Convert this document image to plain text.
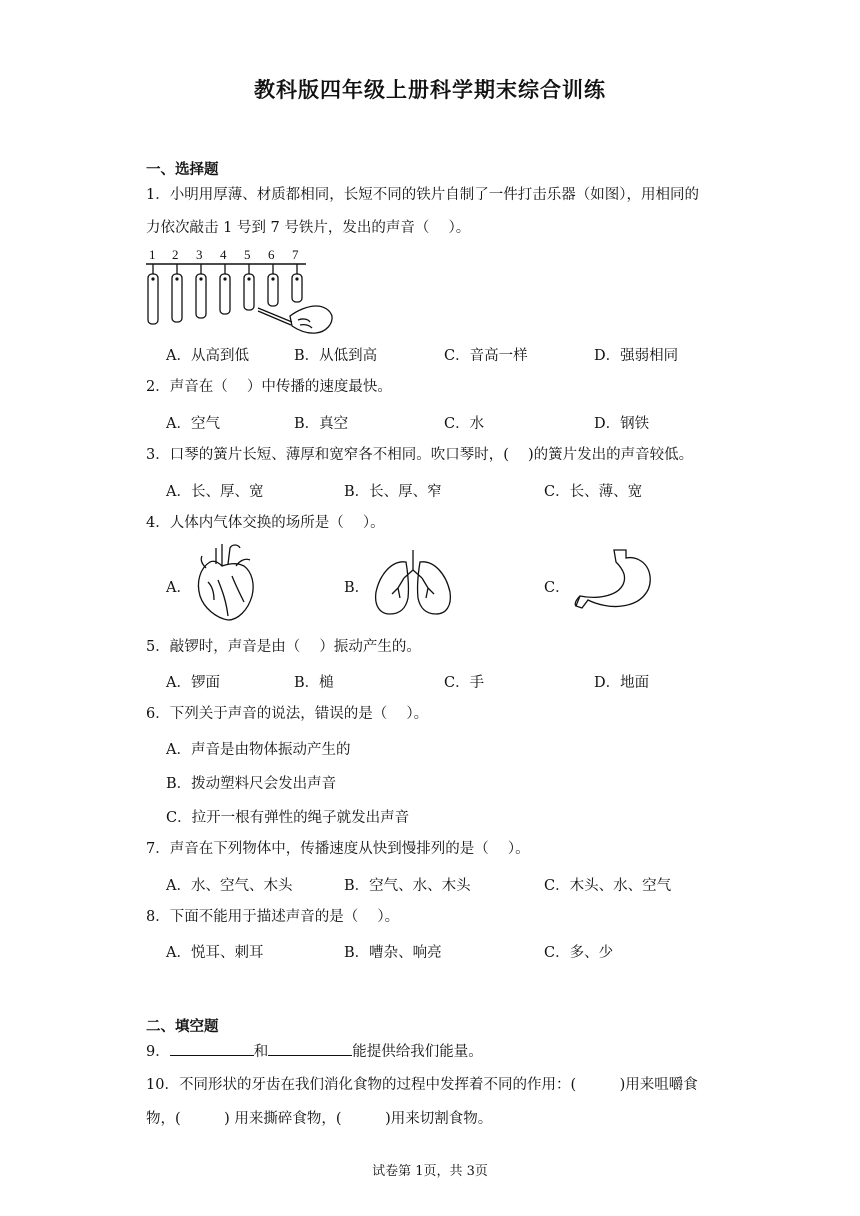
教科版四年级上册科学期末综合训练
一、选择题
1．小明用厚薄、材质都相同，长短不同的铁片自制了一件打击乐器（如图），用相同的
力依次敲击 1 号到 7 号铁片，发出的声音（　 ）。
1 2 3 4 5 6 7
A．从高到低	B．从低到高	C．音高一样	D．强弱相同
2．声音在（　 ）中传播的速度最快。
A．空气	B．真空	C．水	D．钢铁
3．口琴的簧片长短、薄厚和宽窄各不相同。吹口琴时，(　 )的簧片发出的声音较低。
A．长、厚、宽	B．长、厚、窄	C．长、薄、宽
4．人体内气体交换的场所是（　 ）。
A．	B．	C．
5．敲锣时，声音是由（　 ）振动产生的。
A．锣面	B．槌	C．手	D．地面
6．下列关于声音的说法，错误的是（　 ）。
A．声音是由物体振动产生的
B．拨动塑料尺会发出声音
C．拉开一根有弹性的绳子就发出声音
7．声音在下列物体中，传播速度从快到慢排列的是（　 ）。
A．水、空气、木头	B．空气、水、木头	C．木头、水、空气
8．下面不能用于描述声音的是（　 ）。
A．悦耳、刺耳	B．嘈杂、响亮	C．多、少
二、填空题
9．	和	能提供给我们能量。
10．不同形状的牙齿在我们消化食物的过程中发挥着不同的作用：(　　　)用来咀嚼食
物，(　　　) 用来撕碎食物，(　　　)用来切割食物。
试卷第 1页，共 3页
